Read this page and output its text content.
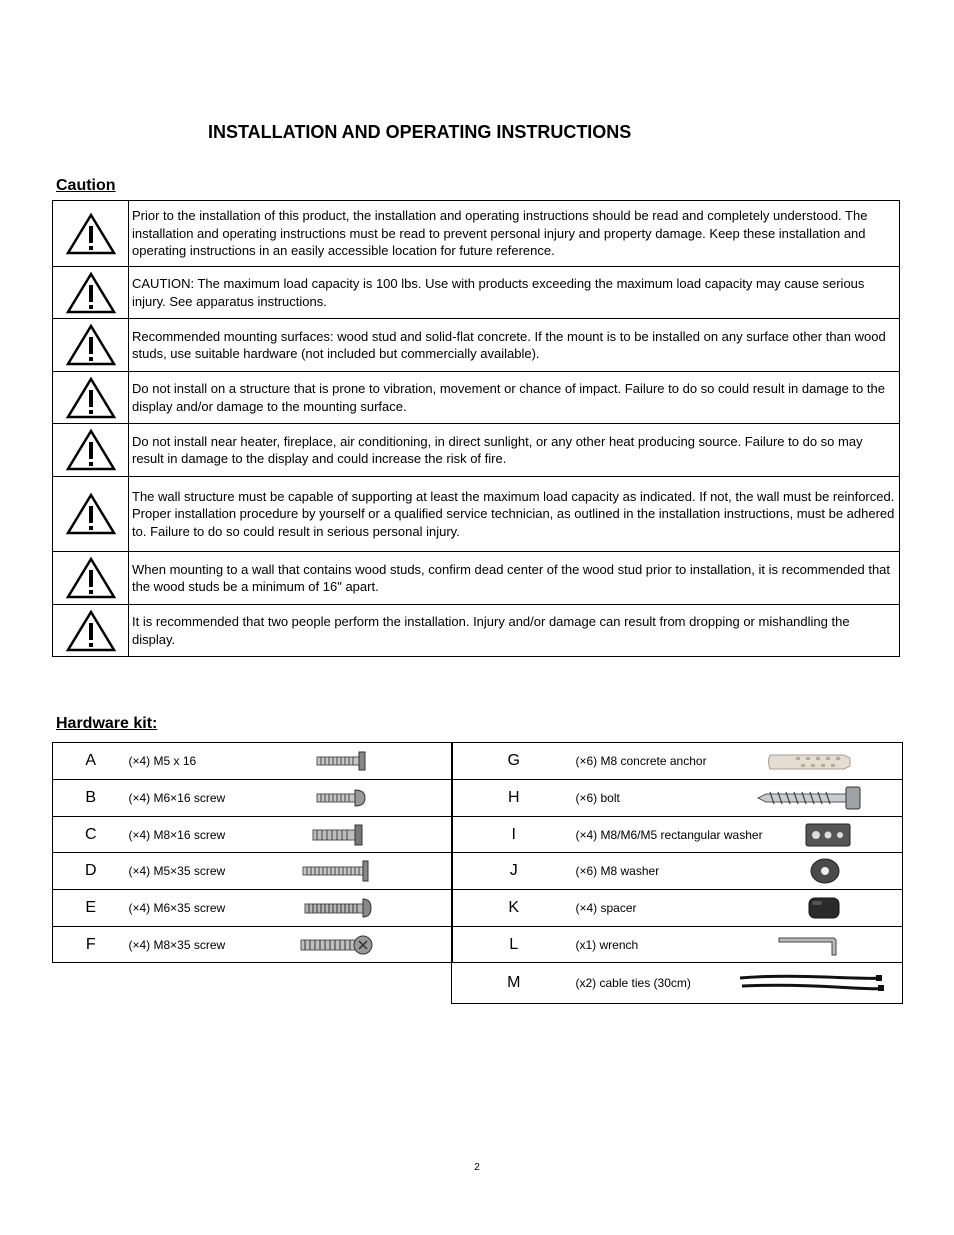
INSTALLATION AND OPERATING INSTRUCTIONS
Caution
	Prior to the installation of this product, the installation and operating instructions should be read and completely understood. The installation and operating instructions must be read to prevent personal injury and property damage. Keep these installation and operating instructions in an easily accessible location for future reference.

	CAUTION: The maximum load capacity is 100 lbs. Use with products exceeding the maximum load capacity may cause serious injury. See apparatus instructions.

	Recommended mounting surfaces: wood stud and solid-flat concrete. If the mount is to be installed on any surface other than wood studs, use suitable hardware (not included but commercially available).

	Do not install on a structure that is prone to vibration, movement or chance of impact. Failure to do so could result in damage to the display and/or damage to the mounting surface.

	Do not install near heater, fireplace, air conditioning, in direct sunlight, or any other heat producing source. Failure to do so may result in damage to the display and could increase the risk of fire.

	The wall structure must be capable of supporting at least the maximum load capacity as indicated. If not, the wall must be reinforced. Proper installation procedure by yourself or a qualified service technician, as outlined in the installation instructions, must be adhered to. Failure to do so could result in serious personal injury.

	When mounting to a wall that contains wood studs, confirm dead center of the wood stud prior to installation, it is recommended that the wood studs be a minimum of 16" apart.

	It is recommended that two people perform the installation. Injury and/or damage can result from dropping or mishandling the display.
Hardware kit:
A	(×4) M5 x 16	

B	(×4) M6×16 screw	

C	(×4) M8×16 screw	

D	(×4) M5×35 screw	

E	(×4) M6×35 screw	

F	(×4) M8×35 screw	
G	(×6) M8 concrete anchor	

H	(×6) bolt	

I	(×4) M8/M6/M5 rectangular washer	

J	(×6) M8 washer	

K	(×4) spacer	

L	(x1) wrench	

M	(x2) cable ties (30cm)	
2
